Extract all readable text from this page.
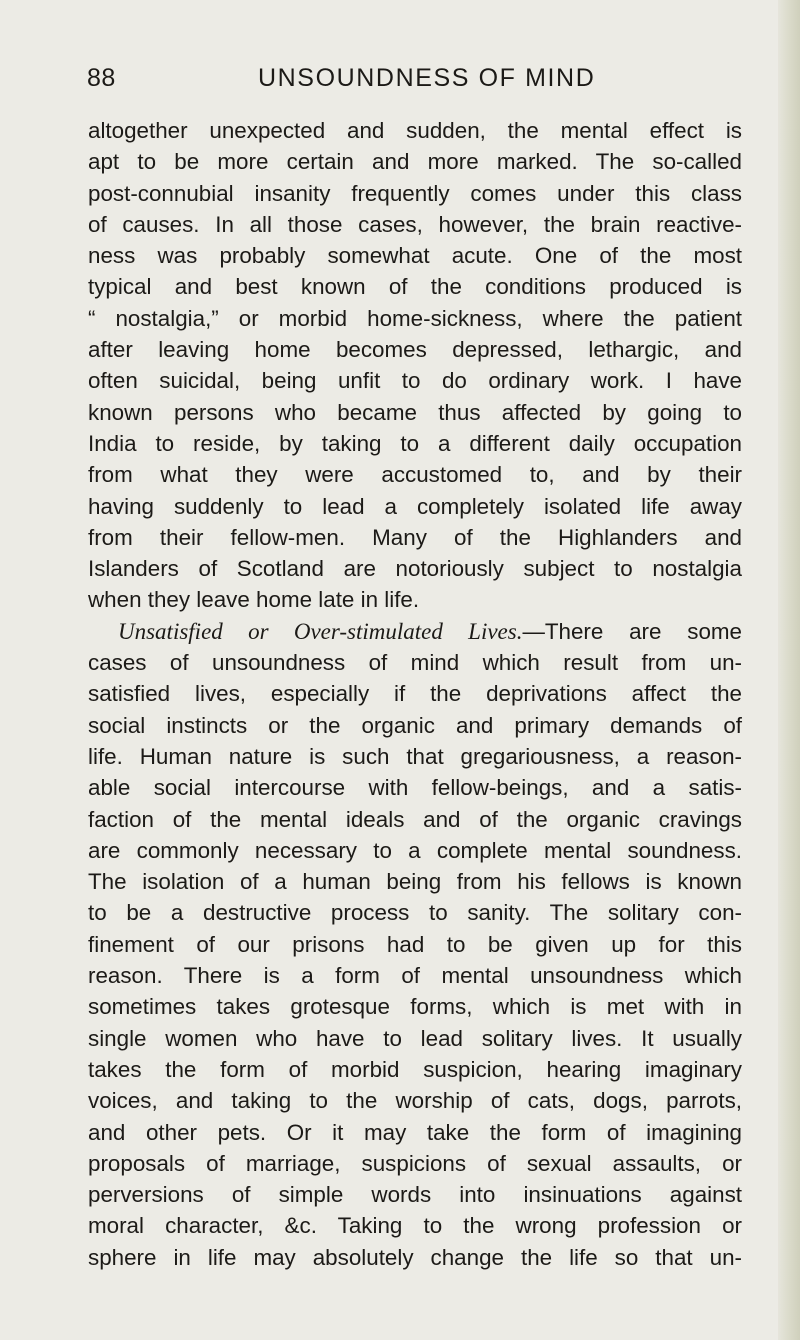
88	UNSOUNDNESS OF MIND
altogether unexpected and sudden, the mental effect is
apt to be more certain and more marked. The so-called
post-connubial insanity frequently comes under this class
of causes. In all those cases, however, the brain reactive-
ness was probably somewhat acute. One of the most
typical and best known of the conditions produced is
“ nostalgia,” or morbid home-sickness, where the patient
after leaving home becomes depressed, lethargic, and
often suicidal, being unfit to do ordinary work. I have
known persons who became thus affected by going to
India to reside, by taking to a different daily occupation
from what they were accustomed to, and by their
having suddenly to lead a completely isolated life away
from their fellow-men. Many of the Highlanders and
Islanders of Scotland are notoriously subject to nostalgia
when they leave home late in life.
Unsatisfied or Over-stimulated Lives.—There are some
cases of unsoundness of mind which result from un-
satisfied lives, especially if the deprivations affect the
social instincts or the organic and primary demands of
life. Human nature is such that gregariousness, a reason-
able social intercourse with fellow-beings, and a satis-
faction of the mental ideals and of the organic cravings
are commonly necessary to a complete mental soundness.
The isolation of a human being from his fellows is known
to be a destructive process to sanity. The solitary con-
finement of our prisons had to be given up for this
reason. There is a form of mental unsoundness which
sometimes takes grotesque forms, which is met with in
single women who have to lead solitary lives. It usually
takes the form of morbid suspicion, hearing imaginary
voices, and taking to the worship of cats, dogs, parrots,
and other pets. Or it may take the form of imagining
proposals of marriage, suspicions of sexual assaults, or
perversions of simple words into insinuations against
moral character, &c. Taking to the wrong profession or
sphere in life may absolutely change the life so that un-
